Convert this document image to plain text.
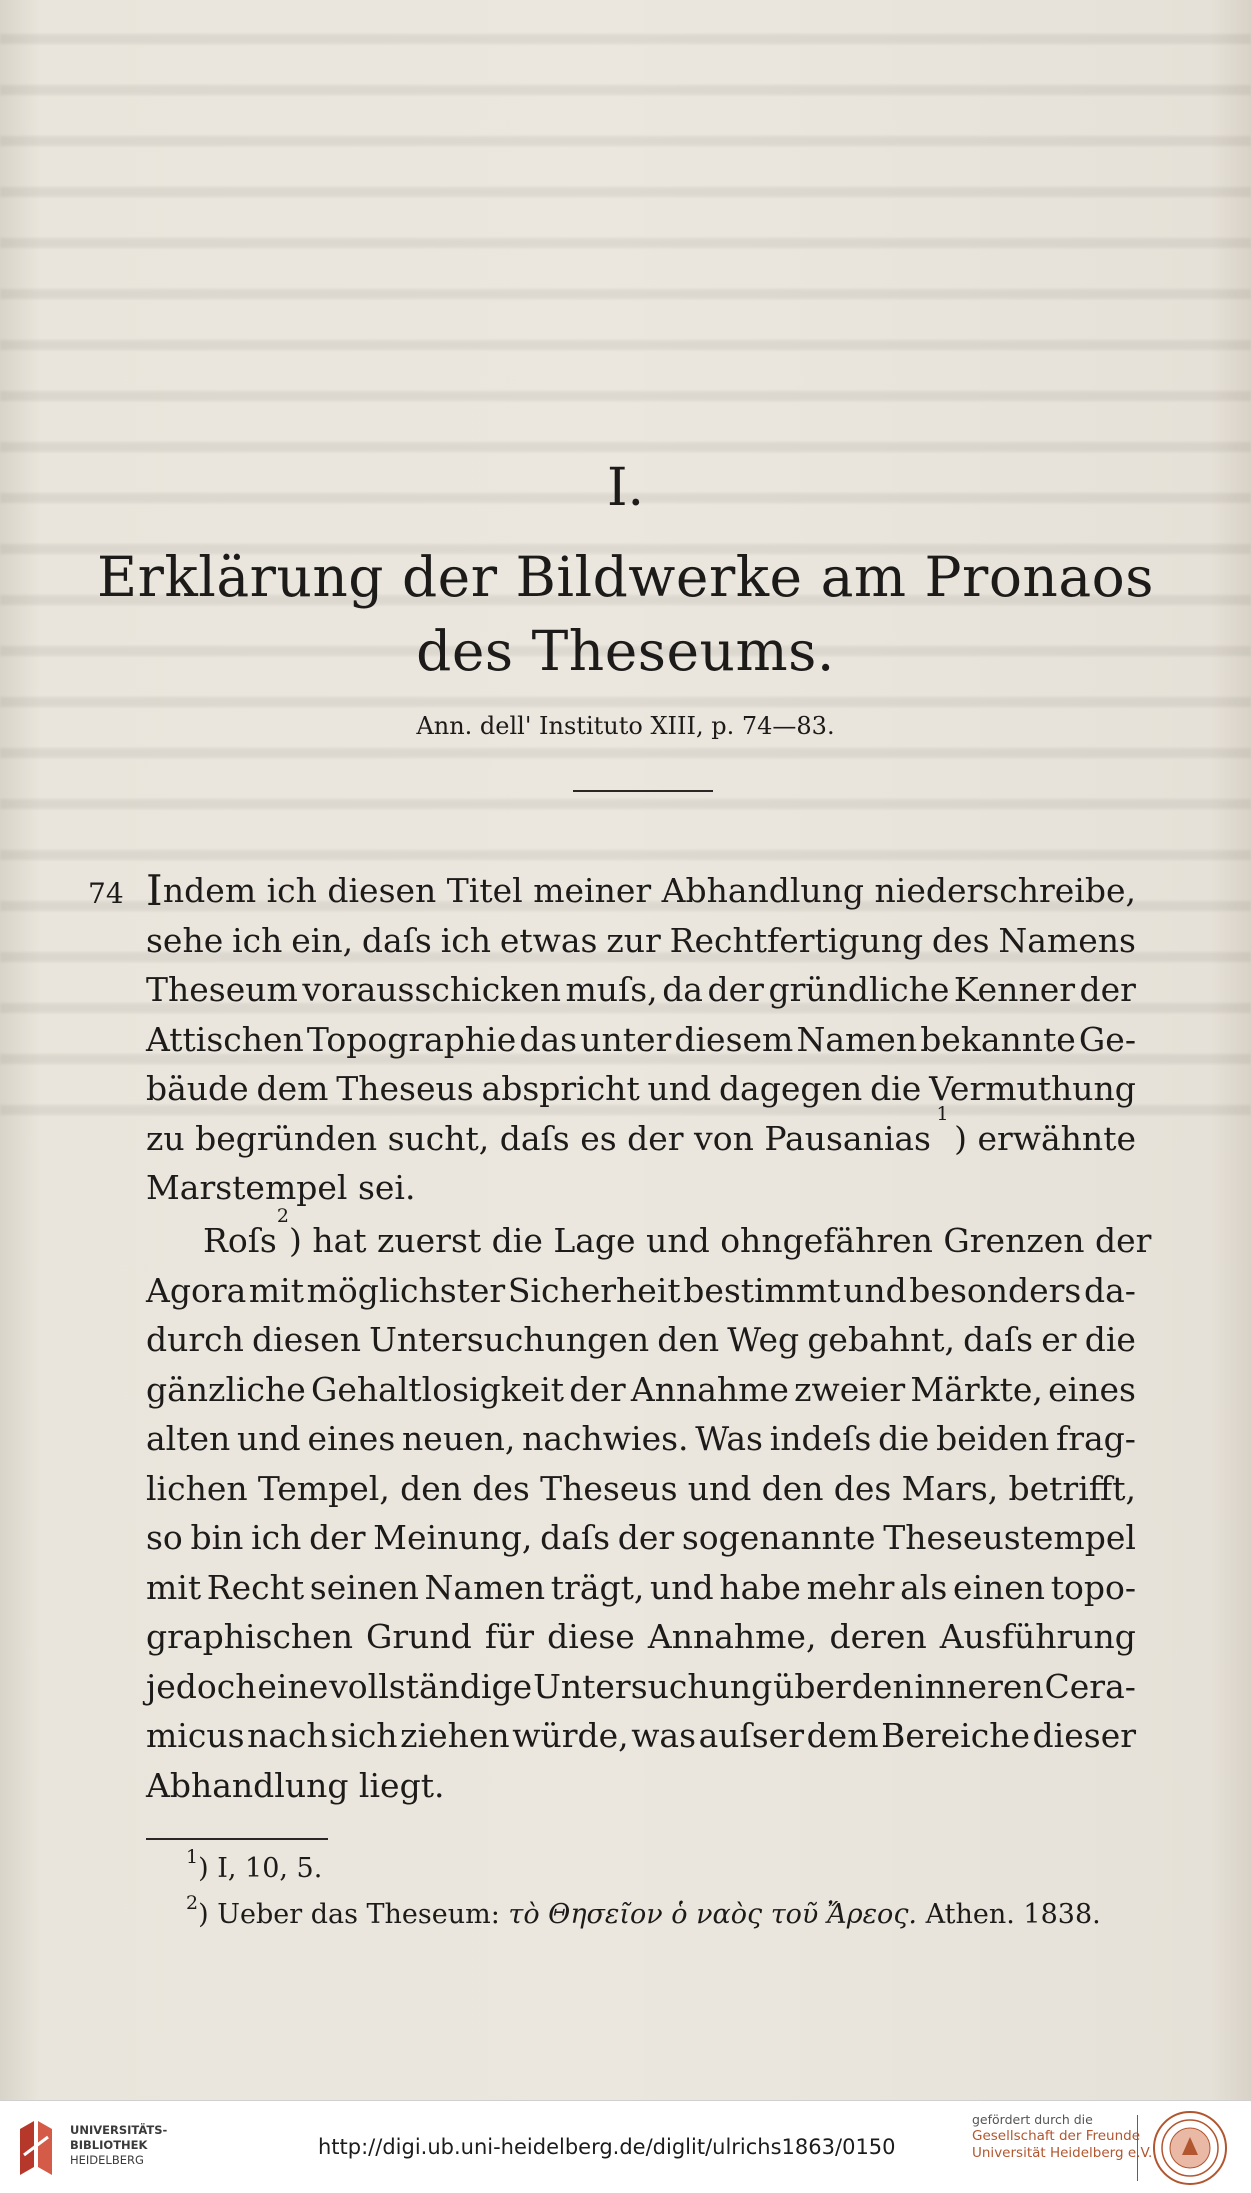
I.
Erklärung der Bildwerke am Pronaos
des Theseums.
Ann. dell' Instituto XIII, p. 74—83.
74 I ndem ich diesen Titel meiner Abhandlung niederschreibe,
sehe ich ein, daſs ich etwas zur Rechtfertigung des Namens
Theseum vorausschicken muſs, da der gründliche Kenner der
Attischen Topographie das unter diesem Namen bekannte Ge-
bäude dem Theseus abspricht und dagegen die Vermuthung
zu begründen sucht, daſs es der von Pausanias
1
) erwähnte
Marstempel sei.
Roſs
2
) hat zuerst die Lage und ohngefähren Grenzen der
Agora mit möglichster Sicherheit bestimmt und besonders da-
durch diesen Untersuchungen den Weg gebahnt, daſs er die
gänzliche Gehaltlosigkeit der Annahme zweier Märkte, eines
alten und eines neuen, nachwies. Was indeſs die beiden frag-
lichen Tempel, den des Theseus und den des Mars, betrifft,
so bin ich der Meinung, daſs der sogenannte Theseustempel
mit Recht seinen Namen trägt, und habe mehr als einen topo-
graphischen Grund für diese Annahme, deren Ausführung
jedoch eine vollständige Untersuchung über den inneren Cera-
micus nach sich ziehen würde, was auſser dem Bereiche dieser
Abhandlung liegt.
$^1$) I, 10, 5.
$^2$) Ueber das Theseum: τὸ Θησεῖον ὁ ναὸς τοῦ Ἄρεος. Athen. 1838.
UNIVERSITÄTS-
BIBLIOTHEK
HEIDELBERG
http://digi.ub.uni-heidelberg.de/diglit/ulrichs1863/0150
gefördert durch die
Gesellschaft der Freunde
Universität Heidelberg e.V.
